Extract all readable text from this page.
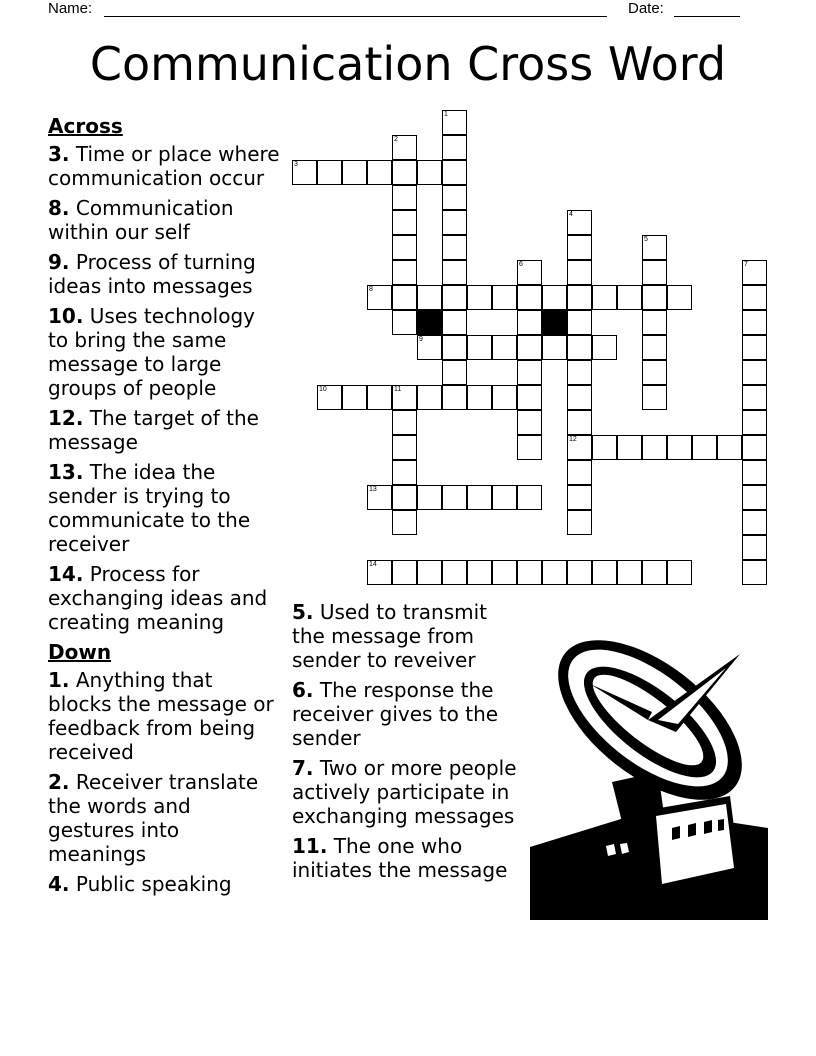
Name:	Date:
Communication Cross Word
1
2
3
4
12
5
6	7
8
9
10	11
13
14
Across
3. Time or place where communication occur
8. Communication within our self
9. Process of turning ideas into messages
10. Uses technology to bring the same message to large groups of people
12. The target of the message
13. The idea the sender is trying to communicate to the receiver
14. Process for exchanging ideas and creating meaning
Down
1. Anything that blocks the message or feedback from being received
2. Receiver translate the words and gestures into meanings
4. Public speaking
5. Used to transmit the message from sender to reveiver
6. The response the receiver gives to the sender
7. Two or more people actively participate in exchanging messages
11. The one who initiates the message
